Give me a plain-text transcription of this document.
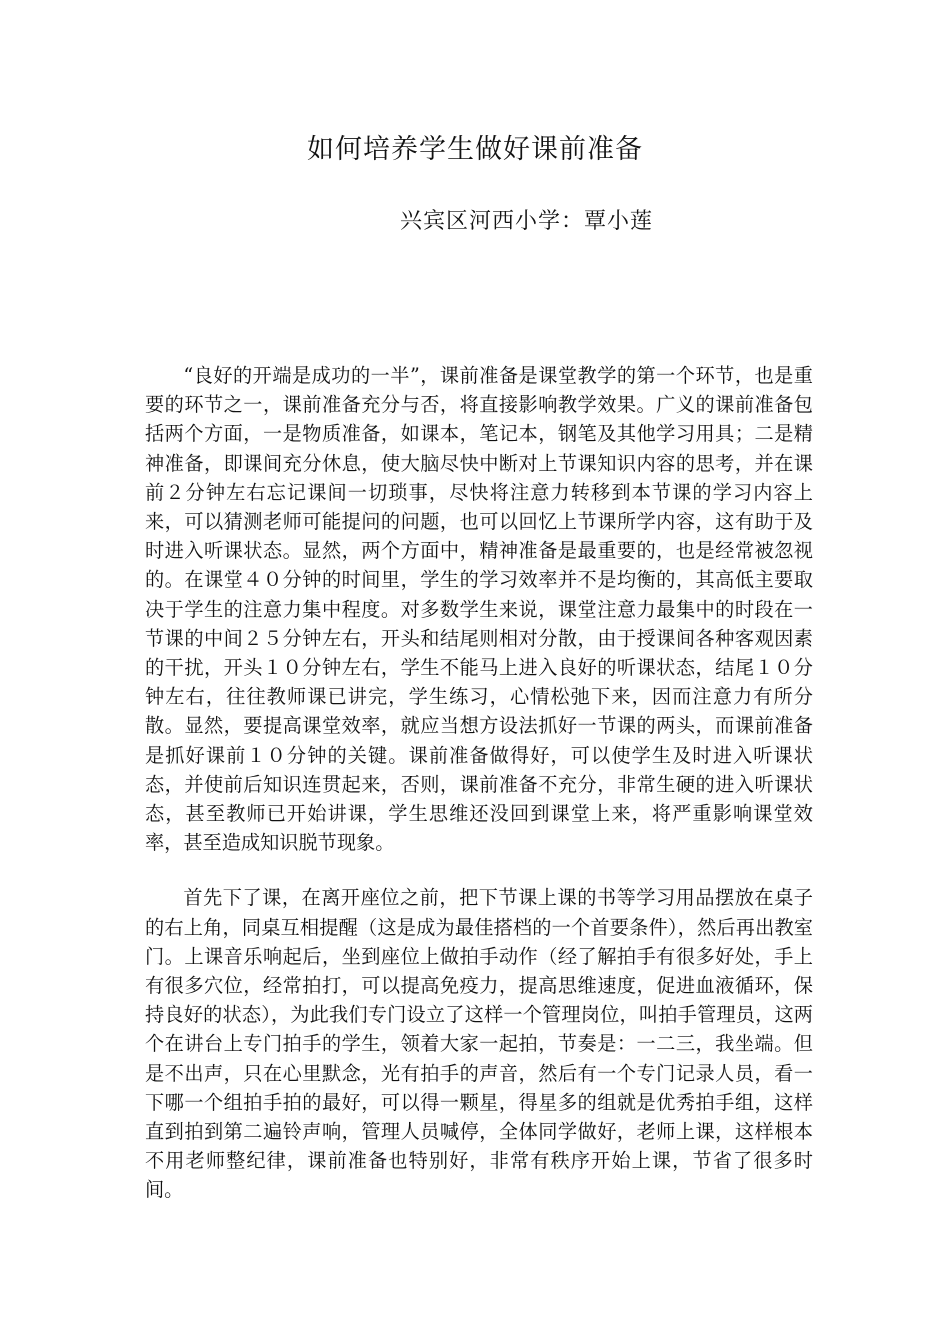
如何培养学生做好课前准备
兴宾区河西小学：覃小莲

“良好的开端是成功的一半”，课前准备是课堂教学的第一个环节，也是重要的环节之一，课前准备充分与否，将直接影响教学效果。广义的课前准备包括两个方面，一是物质准备，如课本，笔记本，钢笔及其他学习用具；二是精神准备，即课间充分休息，使大脑尽快中断对上节课知识内容的思考，并在课前２分钟左右忘记课间一切琐事，尽快将注意力转移到本节课的学习内容上来，可以猜测老师可能提问的问题，也可以回忆上节课所学内容，这有助于及时进入听课状态。显然，两个方面中，精神准备是最重要的，也是经常被忽视的。在课堂４０分钟的时间里，学生的学习效率并不是均衡的，其高低主要取决于学生的注意力集中程度。对多数学生来说，课堂注意力最集中的时段在一节课的中间２５分钟左右，开头和结尾则相对分散，由于授课间各种客观因素的干扰，开头１０分钟左右，学生不能马上进入良好的听课状态，结尾１０分钟左右，往往教师课已讲完，学生练习，心情松弛下来，因而注意力有所分散。显然，要提高课堂效率，就应当想方设法抓好一节课的两头，而课前准备是抓好课前１０分钟的关键。课前准备做得好，可以使学生及时进入听课状态，并使前后知识连贯起来，否则，课前准备不充分，非常生硬的进入听课状态，甚至教师已开始讲课，学生思维还没回到课堂上来，将严重影响课堂效率，甚至造成知识脱节现象。

首先下了课，在离开座位之前，把下节课上课的书等学习用品摆放在桌子的右上角，同桌互相提醒（这是成为最佳搭档的一个首要条件），然后再出教室门。上课音乐响起后，坐到座位上做拍手动作（经了解拍手有很多好处，手上有很多穴位，经常拍打，可以提高免疫力，提高思维速度，促进血液循环，保持良好的状态），为此我们专门设立了这样一个管理岗位，叫拍手管理员，这两个在讲台上专门拍手的学生，领着大家一起拍，节奏是：一二三，我坐端。但是不出声，只在心里默念，光有拍手的声音，然后有一个专门记录人员，看一下哪一个组拍手拍的最好，可以得一颗星，得星多的组就是优秀拍手组，这样直到拍到第二遍铃声响，管理人员喊停，全体同学做好，老师上课，这样根本不用老师整纪律，课前准备也特别好，非常有秩序开始上课，节省了很多时间。
